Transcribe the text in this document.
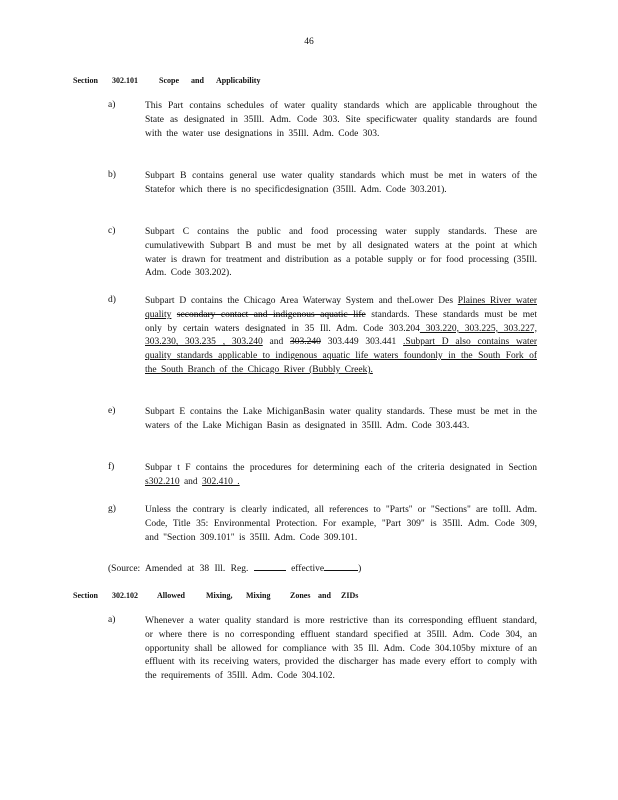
46
Section 302.101	Scope and Applicability
a)	This Part contains schedules of water quality standards which are applicable throughout the State as designated in 35Ill. Adm. Code 303. Site specificwater quality standards are found with the water use designations in 35Ill. Adm. Code 303.
b)	Subpart B contains general use water quality standards which must be met in waters of the Statefor which there is no specificdesignation (35Ill. Adm. Code 303.201).
c)	Subpart C contains the public and food processing water supply standards. These are cumulativewith Subpart B and must be met by all designated waters at the point at which water is drawn for treatment and distribution as a potable supply or for food processing (35Ill. Adm. Code 303.202).
d)	Subpart D contains the Chicago Area Waterway System and theLower Des Plaines River water quality secondary contact and indigenous aquatic life standards. These standards must be met only by certain waters designated in 35 Ill. Adm. Code 303.204 303.220, 303.225, 303.227, 303.230, 303.235 , 303.240 and 303.240 303.449 303.441 .Subpart D also contains water quality standards applicable to indigenous aquatic life waters foundonly in the South Fork of the South Branch of the Chicago River (Bubbly Creek).
e)	Subpart E contains the Lake MichiganBasin water quality standards. These must be met in the waters of the Lake Michigan Basin as designated in 35Ill. Adm. Code 303.443.
f)	Subpar t F contains the procedures for determining each of the criteria designated in Section s302.210 and 302.410 .
g)	Unless the contrary is clearly indicated, all references to "Parts" or "Sections" are toIll. Adm. Code, Title 35: Environmental Protection. For example, "Part 309" is 35Ill. Adm. Code 309, and "Section 309.101" is 35Ill. Adm. Code 309.101.
(Source: Amended at 38 Ill. Reg.	effective	)
Section 302.102 Allowed	Mixing, Mixing Zones and ZIDs
a)	Whenever a water quality standard is more restrictive than its corresponding effluent standard, or where there is no corresponding effluent standard specified at 35Ill. Adm. Code 304, an opportunity shall be allowed for compliance with 35 Ill. Adm. Code 304.105by mixture of an effluent with its receiving waters, provided the discharger has made every effort to comply with the requirements of 35Ill. Adm. Code 304.102.
